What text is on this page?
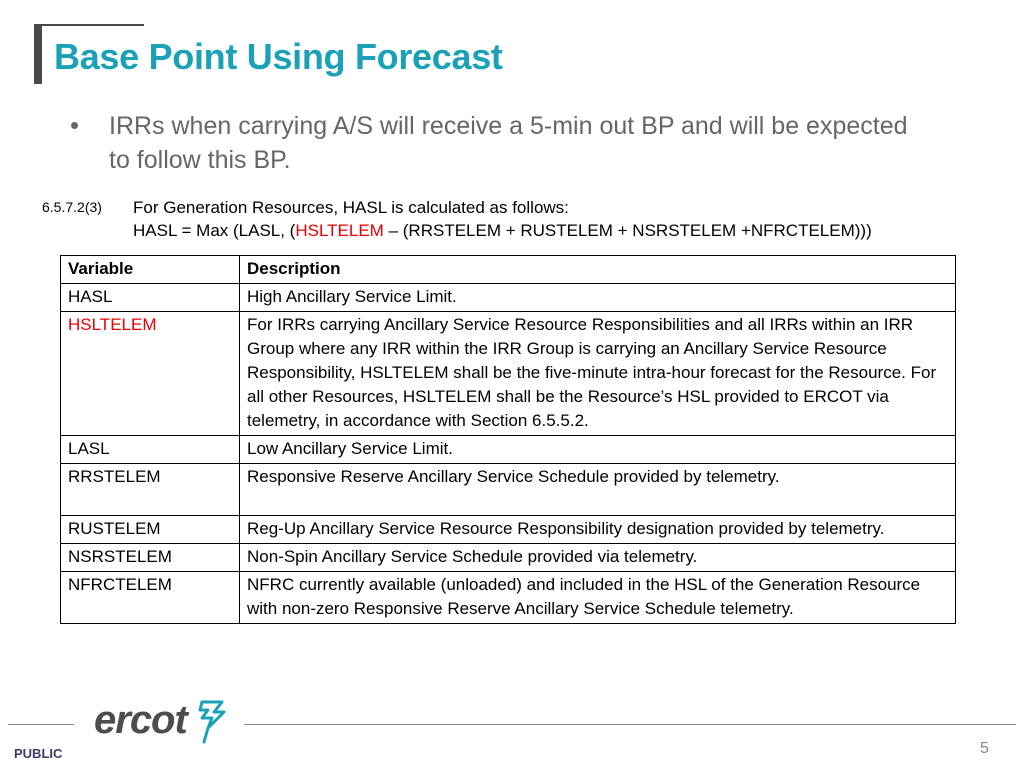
Base Point Using Forecast
• IRRs when carrying A/S will receive a 5-min out BP and will be expected to follow this BP.
6.5.7.2(3) For Generation Resources, HASL is calculated as follows:
HASL = Max (LASL, (HSLTELEM – (RRSTELEM + RUSTELEM + NSRSTELEM +NFRCTELEM)))
Variable	Description
HASL	High Ancillary Service Limit.
HSLTELEM	For IRRs carrying Ancillary Service Resource Responsibilities and all IRRs within an IRR Group where any IRR within the IRR Group is carrying an Ancillary Service Resource Responsibility, HSLTELEM shall be the five-minute intra-hour forecast for the Resource. For all other Resources, HSLTELEM shall be the Resource’s HSL provided to ERCOT via telemetry, in accordance with Section 6.5.5.2.
LASL	Low Ancillary Service Limit.
RRSTELEM	Responsive Reserve Ancillary Service Schedule provided by telemetry.
RUSTELEM	Reg-Up Ancillary Service Resource Responsibility designation provided by telemetry.
NSRSTELEM	Non-Spin Ancillary Service Schedule provided via telemetry.
NFRCTELEM	NFRC currently available (unloaded) and included in the HSL of the Generation Resource with non-zero Responsive Reserve Ancillary Service Schedule telemetry.
ercot
PUBLIC	5
